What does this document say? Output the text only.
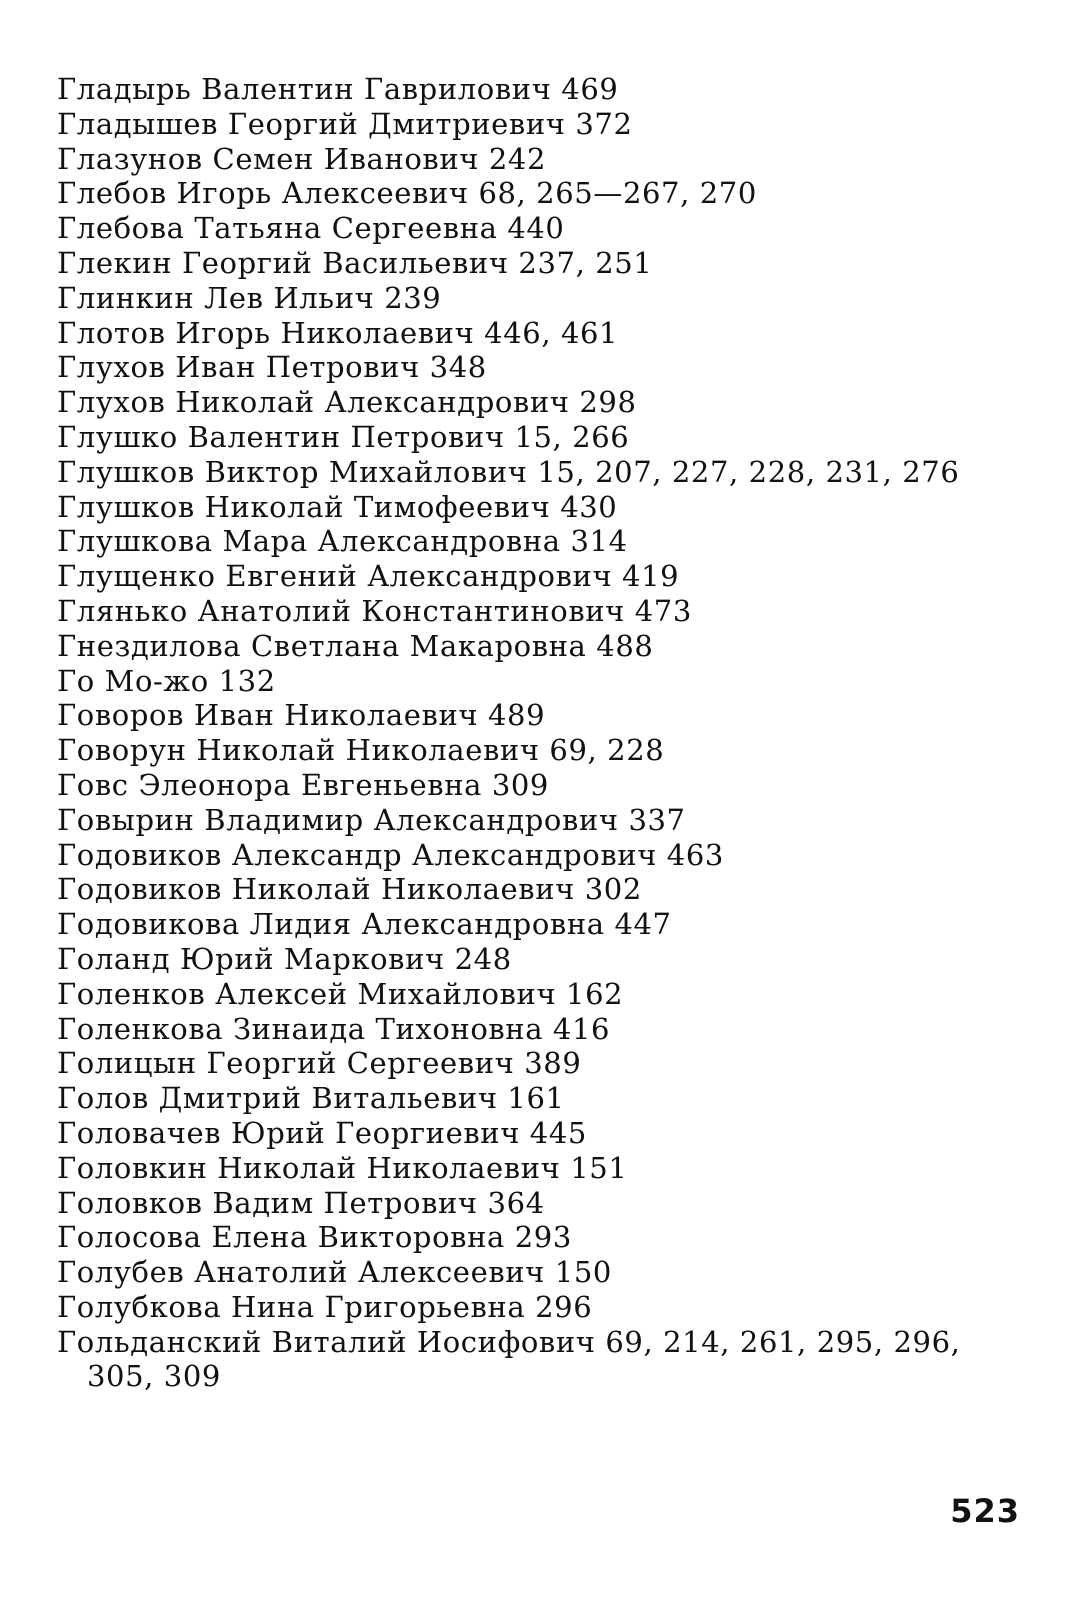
Гладырь Валентин Гаврилович 469
Гладышев Георгий Дмитриевич 372
Глазунов Семен Иванович 242
Глебов Игорь Алексеевич 68, 265—267, 270
Глебова Татьяна Сергеевна 440
Глекин Георгий Васильевич 237, 251
Глинкин Лев Ильич 239
Глотов Игорь Николаевич 446, 461
Глухов Иван Петрович 348
Глухов Николай Александрович 298
Глушко Валентин Петрович 15, 266
Глушков Виктор Михайлович 15, 207, 227, 228, 231, 276
Глушков Николай Тимофеевич 430
Глушкова Мара Александровна 314
Глущенко Евгений Александрович 419
Глянько Анатолий Константинович 473
Гнездилова Светлана Макаровна 488
Го Мо-жо 132
Говоров Иван Николаевич 489
Говорун Николай Николаевич 69, 228
Говс Элеонора Евгеньевна 309
Говырин Владимир Александрович 337
Годовиков Александр Александрович 463
Годовиков Николай Николаевич 302
Годовикова Лидия Александровна 447
Голанд Юрий Маркович 248
Голенков Алексей Михайлович 162
Голенкова Зинаида Тихоновна 416
Голицын Георгий Сергеевич 389
Голов Дмитрий Витальевич 161
Головачев Юрий Георгиевич 445
Головкин Николай Николаевич 151
Головков Вадим Петрович 364
Голосова Елена Викторовна 293
Голубев Анатолий Алексеевич 150
Голубкова Нина Григорьевна 296
Гольданский Виталий Иосифович 69, 214, 261, 295, 296, 305, 309
523
